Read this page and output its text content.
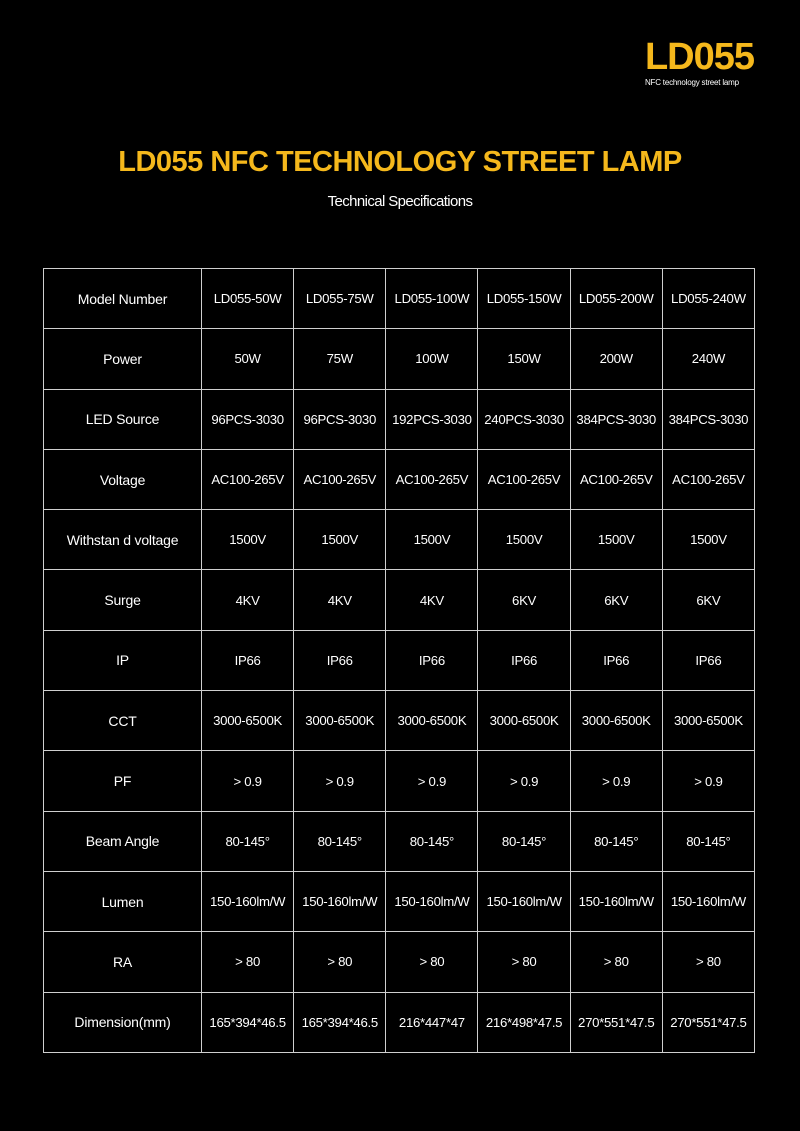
LD055
NFC technology street lamp
LD055 NFC TECHNOLOGY STREET LAMP
Technical Specifications
Model Number	LD055-50W	LD055-75W	LD055-100W	LD055-150W	LD055-200W	LD055-240W
Power	50W	75W	100W	150W	200W	240W
LED Source	96PCS-3030	96PCS-3030	192PCS-3030	240PCS-3030	384PCS-3030	384PCS-3030
Voltage	AC100-265V	AC100-265V	AC100-265V	AC100-265V	AC100-265V	AC100-265V
Withstan d voltage	1500V	1500V	1500V	1500V	1500V	1500V
Surge	4KV	4KV	4KV	6KV	6KV	6KV
IP	IP66	IP66	IP66	IP66	IP66	IP66
CCT	3000-6500K	3000-6500K	3000-6500K	3000-6500K	3000-6500K	3000-6500K
PF	> 0.9	> 0.9	> 0.9	> 0.9	> 0.9	> 0.9
Beam Angle	80-145°	80-145°	80-145°	80-145°	80-145°	80-145°
Lumen	150-160lm/W	150-160lm/W	150-160lm/W	150-160lm/W	150-160lm/W	150-160lm/W
RA	> 80	> 80	> 80	> 80	> 80	> 80
Dimension(mm)	165*394*46.5	165*394*46.5	216*447*47	216*498*47.5	270*551*47.5	270*551*47.5
